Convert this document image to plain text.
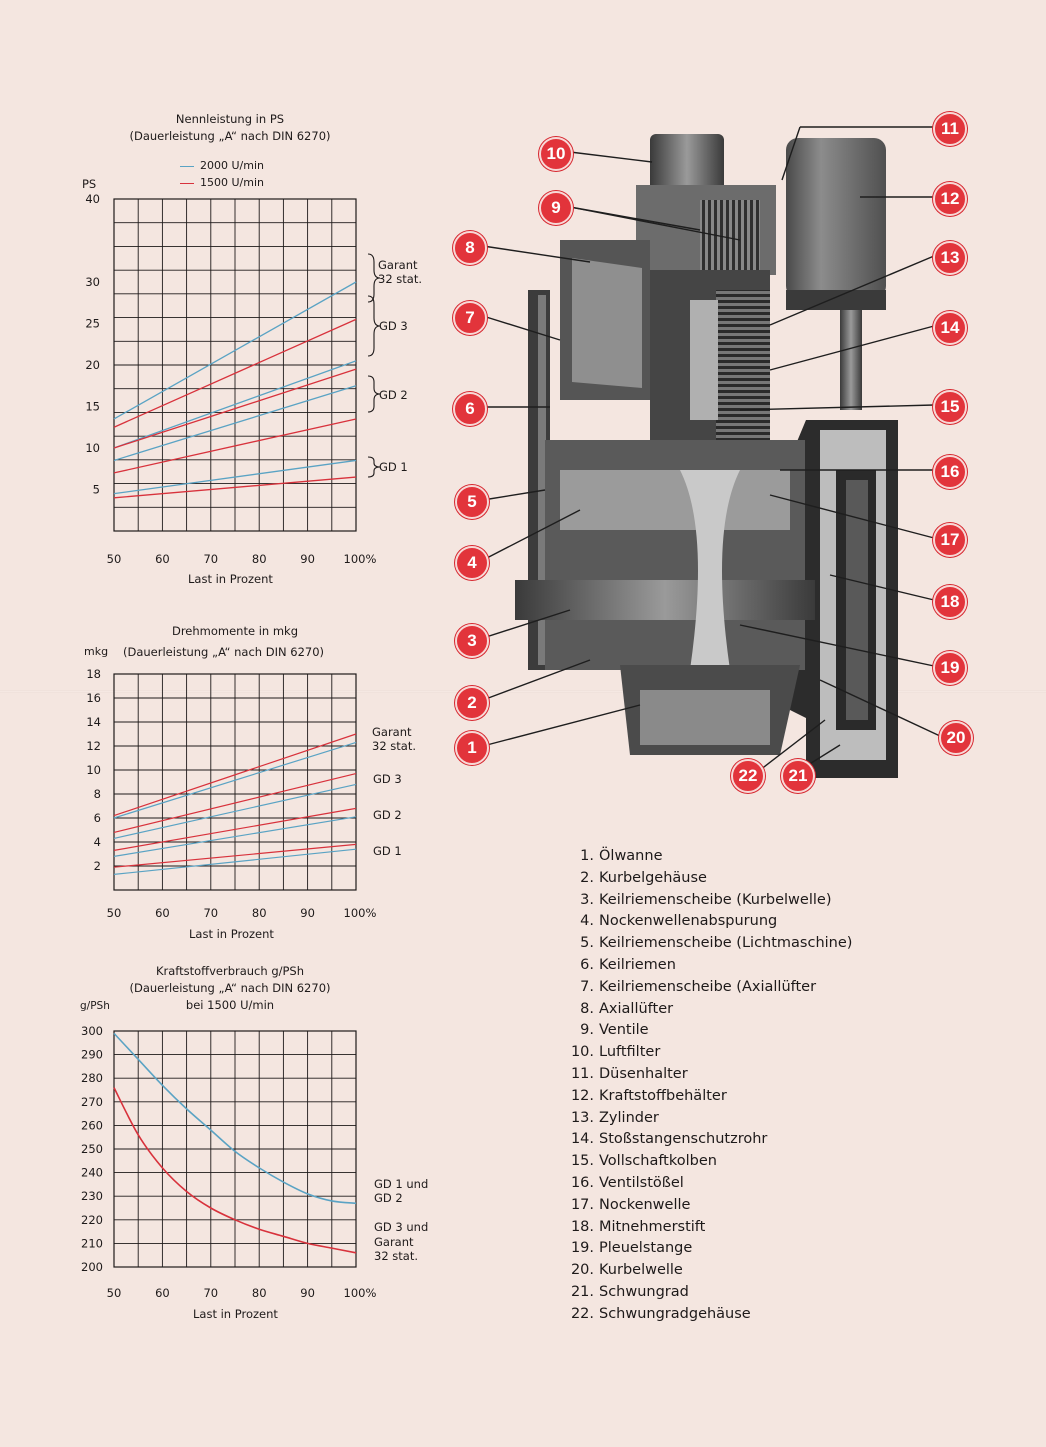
Nennleistung in PS
(Dauerleistung „A“ nach DIN 6270)
2000 U/min
1500 U/min
PS
Last in Prozent
Garant
32 stat.
GD 3
GD 2
GD 1
5
10
15
20
25
30
40
50	60	70	80	90 100%
Drehmomente in mkg
mkg (Dauerleistung „A“ nach DIN 6270)
Last in Prozent
Garant
32 stat.
GD 3
GD 2
GD 1
2
4
6
8
10
12
14
16
18
50	60	70	80	90 100%
Kraftstoffverbrauch g/PSh
(Dauerleistung „A“ nach DIN 6270)
bei 1500 U/min
g/PSh
Last in Prozent
GD 1 und
GD 2
GD 3 und
Garant
32 stat.
200
210
220
230
240
250
260
270
280
290
300
50	60	70	80	90 100%
1
2
3
4
5
6
7
8
9
10
11
12
13
14
15
16
17
18
19
20
21
22
1. Ölwanne
2. Kurbelgehäuse
3. Keilriemenscheibe (Kurbelwelle)
4. Nockenwellenabspurung
5. Keilriemenscheibe (Lichtmaschine)
6. Keilriemen
7. Keilriemenscheibe (Axiallüfter
8. Axiallüfter
9. Ventile
10. Luftfilter
11. Düsenhalter
12. Kraftstoffbehälter
13. Zylinder
14. Stoßstangenschutzrohr
15. Vollschaftkolben
16. Ventilstößel
17. Nockenwelle
18. Mitnehmerstift
19. Pleuelstange
20. Kurbelwelle
21. Schwungrad
22. Schwungradgehäuse
